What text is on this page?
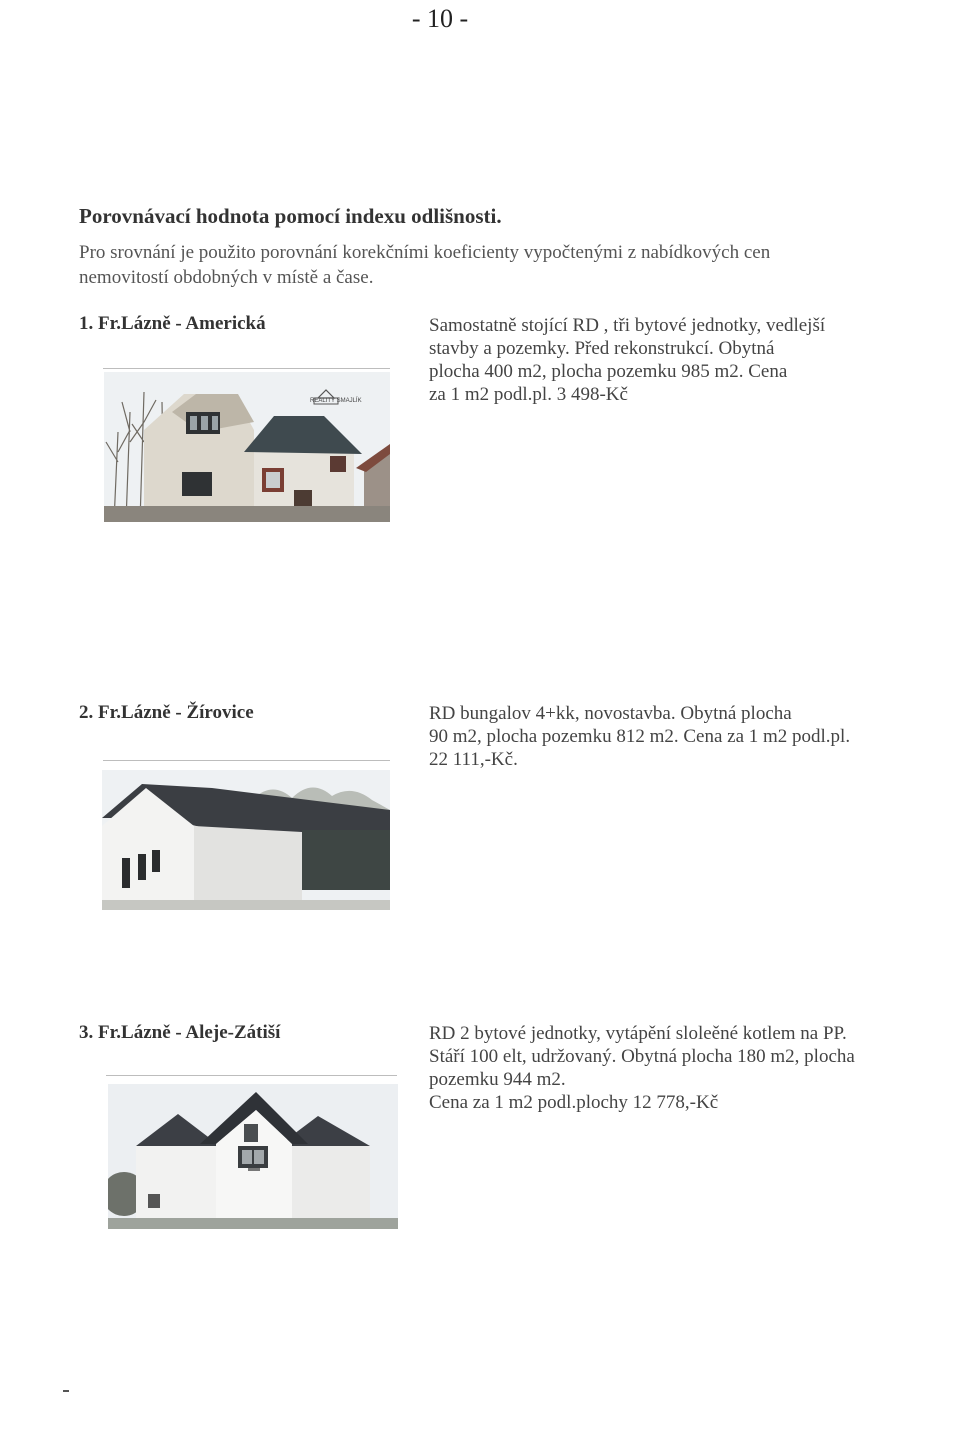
- 10 -
Porovnávací hodnota pomocí indexu odlišnosti.
Pro srovnání je použito porovnání korekčními koeficienty vypočtenými z nabídkových cen
nemovitostí obdobných v místě a čase.
1. Fr.Lázně - Americká	Samostatně stojící RD , tři bytové jednotky, vedlejší
stavby a pozemky. Před rekonstrukcí. Obytná
plocha 400 m2, plocha pozemku 985 m2. Cena
za 1 m2 podl.pl. 3 498-Kč
REALITY SMAJLÍK
2. Fr.Lázně - Žírovice	RD bungalov 4+kk, novostavba. Obytná plocha
90 m2, plocha pozemku 812 m2. Cena za 1 m2 podl.pl.
22 111,-Kč.
3. Fr.Lázně - Aleje-Zátiší	RD 2 bytové jednotky, vytápění sloleěné kotlem na PP.
Stáří 100 elt, udržovaný. Obytná plocha 180 m2, plocha
pozemku 944 m2.
Cena za 1 m2 podl.plochy 12 778,-Kč
